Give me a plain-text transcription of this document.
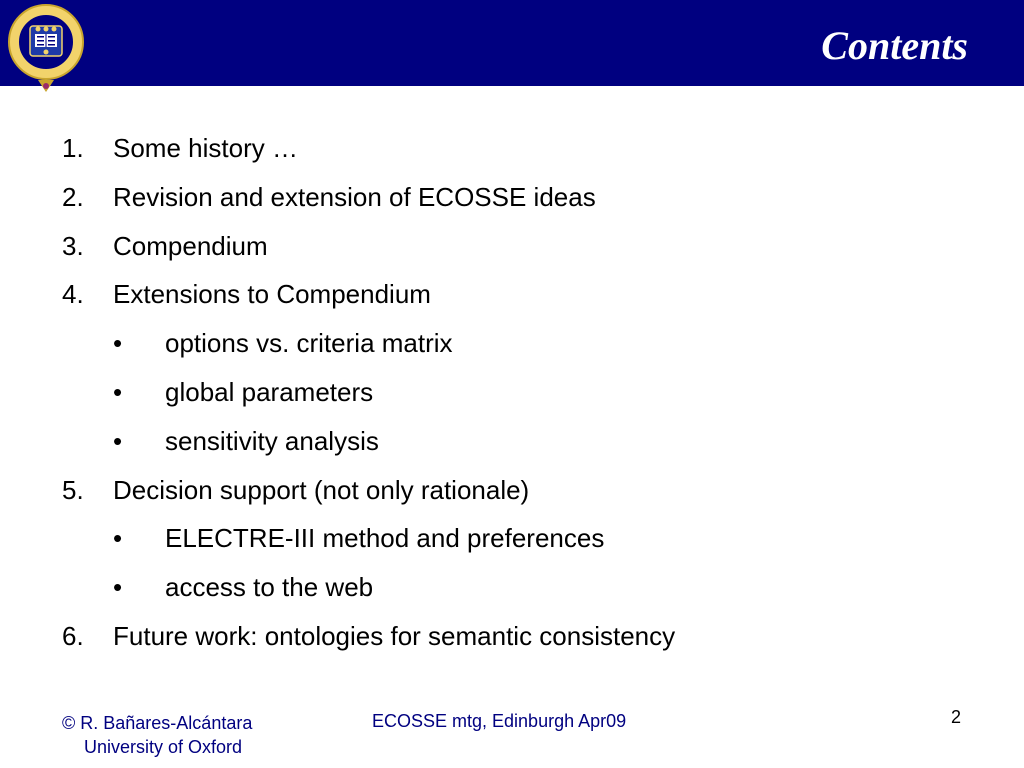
Contents
1. Some history …
2. Revision and extension of ECOSSE ideas
3. Compendium
4. Extensions to Compendium
• options vs. criteria matrix
• global parameters
• sensitivity analysis
5. Decision support (not only rationale)
• ELECTRE-III method and preferences
• access to the web
6. Future work: ontologies for semantic consistency
© R. Bañares-Alcántara
University of Oxford
ECOSSE mtg, Edinburgh Apr09	2
